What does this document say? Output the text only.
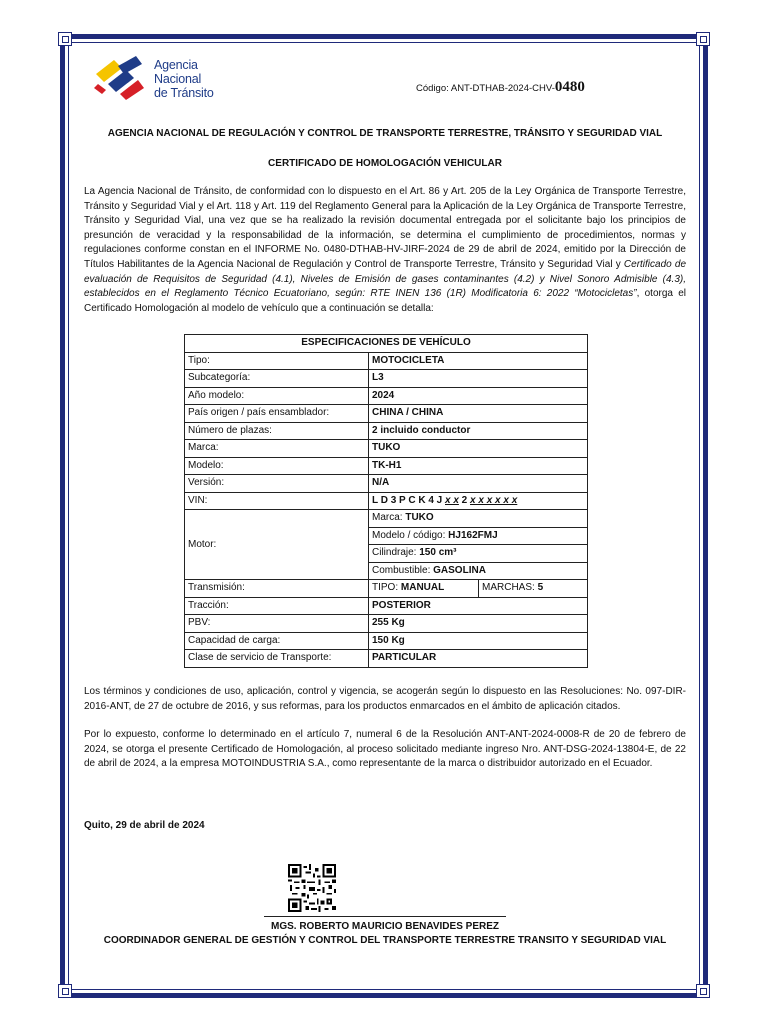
Agencia
Nacional
de Tránsito	Código: ANT-DTHAB-2024-CHV-0480
AGENCIA NACIONAL DE REGULACIÓN Y CONTROL DE TRANSPORTE TERRESTRE, TRÁNSITO Y SEGURIDAD VIAL
CERTIFICADO DE HOMOLOGACIÓN VEHICULAR
La Agencia Nacional de Tránsito, de conformidad con lo dispuesto en el Art. 86 y Art. 205 de la Ley Orgánica de Transporte Terrestre, Tránsito y Seguridad Vial y el Art. 118 y Art. 119 del Reglamento General para la Aplicación de la Ley Orgánica de Transporte Terrestre, Tránsito y Seguridad Vial, una vez que se ha realizado la revisión documental entregada por el solicitante bajo los principios de presunción de veracidad y la responsabilidad de la información, se determina el cumplimiento de procedimientos, normas y regulaciones conforme constan en el INFORME No. 0480-DTHAB-HV-JIRF-2024 de 29 de abril de 2024, emitido por la Dirección de Títulos Habilitantes de la Agencia Nacional de Regulación y Control de Transporte Terrestre, Tránsito y Seguridad Vial y Certificado de evaluación de Requisitos de Seguridad (4.1), Niveles de Emisión de gases contaminantes (4.2) y Nivel Sonoro Admisible (4.3), establecidos en el Reglamento Técnico Ecuatoriano, según: RTE INEN 136 (1R) Modificatoria 6: 2022 “Motocicletas”, otorga el Certificado Homologación al modelo de vehículo que a continuación se detalla:
ESPECIFICACIONES DE VEHÍCULO		
Tipo:	MOTOCICLETA	
Subcategoría:	L3	
Año modelo:	2024	
País origen / país ensamblador:	CHINA / CHINA	
Número de plazas:	2 incluido conductor	
Marca:	TUKO	
Modelo:	TK-H1	
Versión:	N/A	
VIN:	L D 3 P C K 4 J x x 2 x x x x x x	
Motor:	Marca: TUKO	
	Modelo / código: HJ162FMJ	
	Cilindraje: 150 cm³	
	Combustible: GASOLINA	
Transmisión:	TIPO: MANUAL	MARCHAS: 5
Tracción:	POSTERIOR	
PBV:	255 Kg	
Capacidad de carga:	150 Kg	
Clase de servicio de Transporte:	PARTICULAR	
Los términos y condiciones de uso, aplicación, control y vigencia, se acogerán según lo dispuesto en las Resoluciones: No. 097-DIR-2016-ANT, de 27 de octubre de 2016, y sus reformas, para los productos enmarcados en el ámbito de aplicación citados.
Por lo expuesto, conforme lo determinado en el artículo 7, numeral 6 de la Resolución ANT-ANT-2024-0008-R de 20 de febrero de 2024, se otorga el presente Certificado de Homologación, al proceso solicitado mediante ingreso Nro. ANT-DSG-2024-13804-E, de 22 de abril de 2024, a la empresa MOTOINDUSTRIA S.A., como representante de la marca o distribuidor autorizado en el Ecuador.
Quito, 29 de abril de 2024
MGS. ROBERTO MAURICIO BENAVIDES PEREZ
COORDINADOR GENERAL DE GESTIÓN Y CONTROL DEL TRANSPORTE TERRESTRE TRANSITO Y SEGURIDAD VIAL
